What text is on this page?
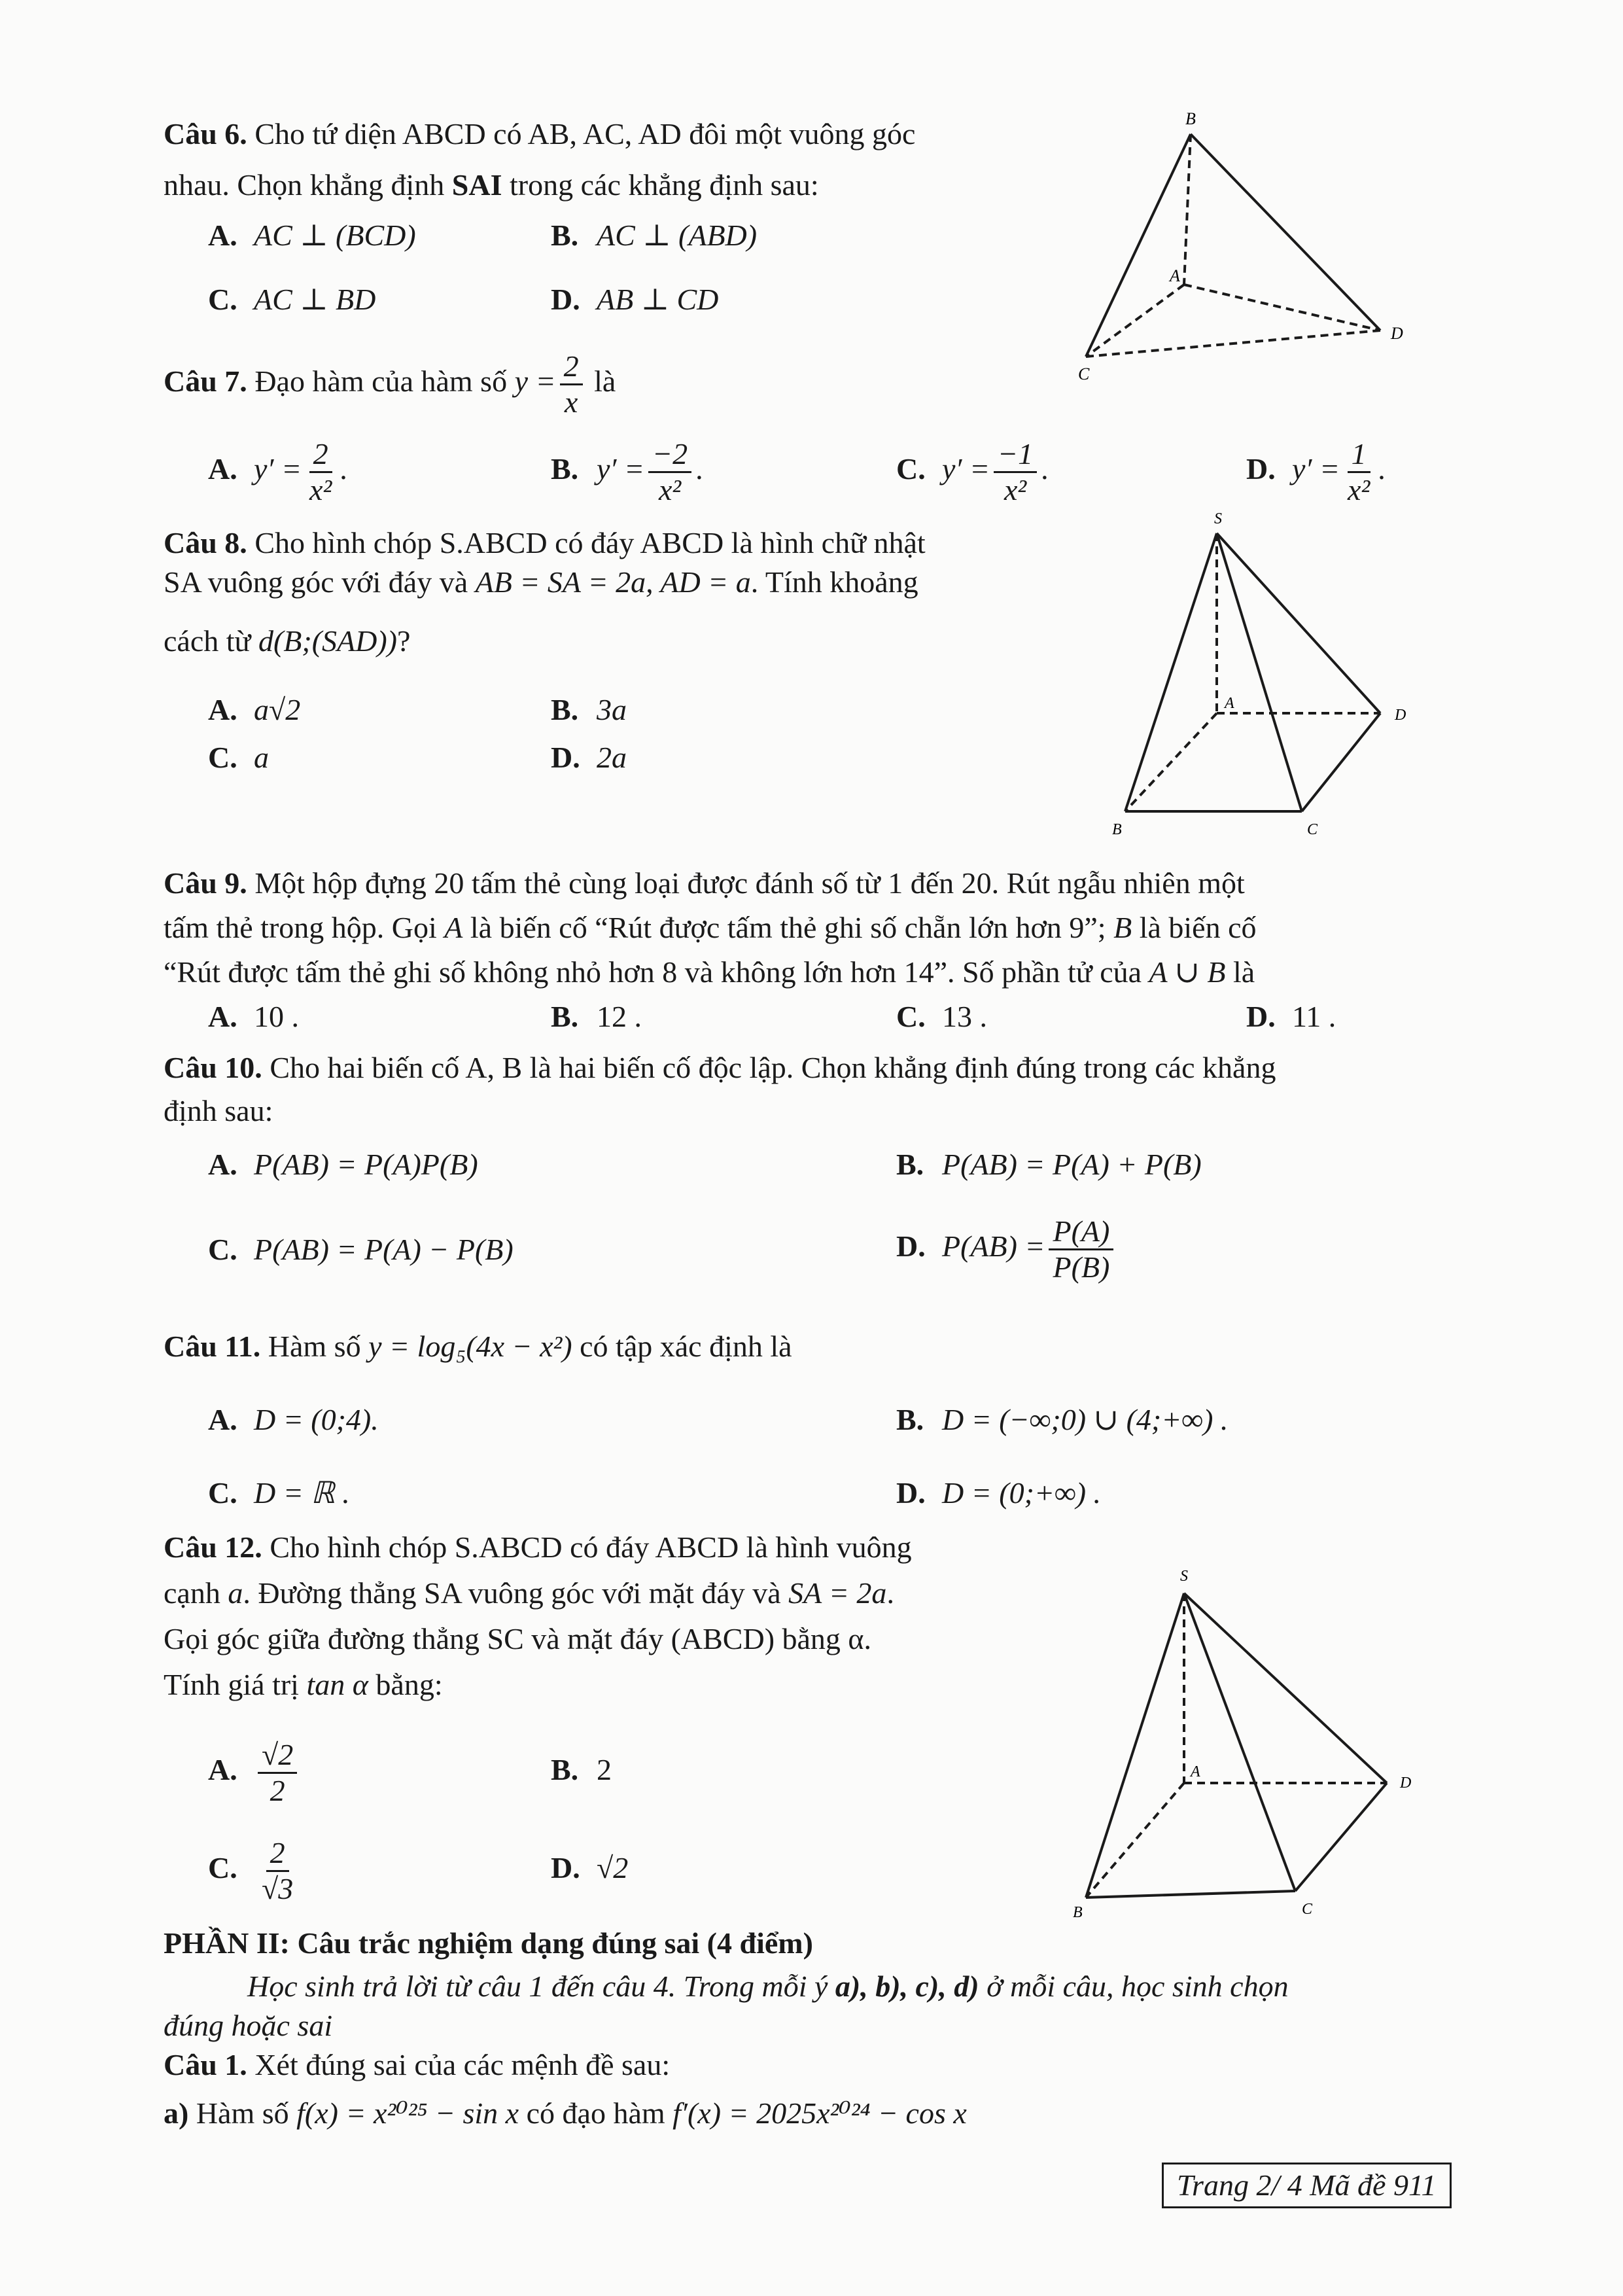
Câu 6. Cho tứ diện ABCD có AB, AC, AD đôi một vuông góc
nhau. Chọn khẳng định SAI trong các khẳng định sau:
A. AC ⊥ (BCD)	B. AC ⊥ (ABD)
C. AC ⊥ BD	D. AB ⊥ CD
B
A
D
C
Câu 7. Đạo hàm của hàm số $y = \frac{2}{x}$ là
A. $y' = \frac{2}{\text{x²}}$ .	B. $y' = \frac{-2}{\text{x²}}$ .	C. $y' = \frac{-1}{\text{x²}}$ .	D. $y' = \frac{1}{\text{x²}}$ .
Câu 8. Cho hình chóp S.ABCD có đáy ABCD là hình chữ nhật
SA vuông góc với đáy và AB = SA = 2a, AD = a. Tính khoảng
cách từ d(B;(SAD))?
A. a√2	B. 3a
C. a	D. 2a
S
A
D
B	C
Câu 9. Một hộp đựng 20 tấm thẻ cùng loại được đánh số từ 1 đến 20. Rút ngẫu nhiên một
tấm thẻ trong hộp. Gọi A là biến cố “Rút được tấm thẻ ghi số chẵn lớn hơn 9”; B là biến cố
“Rút được tấm thẻ ghi số không nhỏ hơn 8 và không lớn hơn 14”. Số phần tử của A ∪ B là
A. 10 .	B. 12 .	C. 13 .	D. 11 .
Câu 10. Cho hai biến cố A, B là hai biến cố độc lập. Chọn khẳng định đúng trong các khẳng
định sau:
A. P(AB) = P(A)P(B)	B. P(AB) = P(A) + P(B)
C. P(AB) = P(A) − P(B)	D. $P(AB) = \frac{P(A)}{P(B)}$
Câu 11. Hàm số y = log₅(4x − x²) có tập xác định là
A. D = (0;4).	B. D = (−∞;0) ∪ (4;+∞) .
C. D = ℝ .	D. D = (0;+∞) .
Câu 12. Cho hình chóp S.ABCD có đáy ABCD là hình vuông
cạnh a. Đường thẳng SA vuông góc với mặt đáy và SA = 2a.
Gọi góc giữa đường thẳng SC và mặt đáy (ABCD) bằng α.
Tính giá trị tan α bằng:
A. $\frac{√2}{2}$	B. 2
C. $\frac{2}{√3}$	D. √2
S
A
D
B	C
PHẦN II: Câu trắc nghiệm dạng đúng sai (4 điểm)
Học sinh trả lời từ câu 1 đến câu 4. Trong mỗi ý a), b), c), d) ở mỗi câu, học sinh chọn
đúng hoặc sai
Câu 1. Xét đúng sai của các mệnh đề sau:
a) Hàm số f(x) = x²⁰²⁵ − sin x có đạo hàm f′(x) = 2025x²⁰²⁴ − cos x
Trang 2/ 4 Mã đề 911
